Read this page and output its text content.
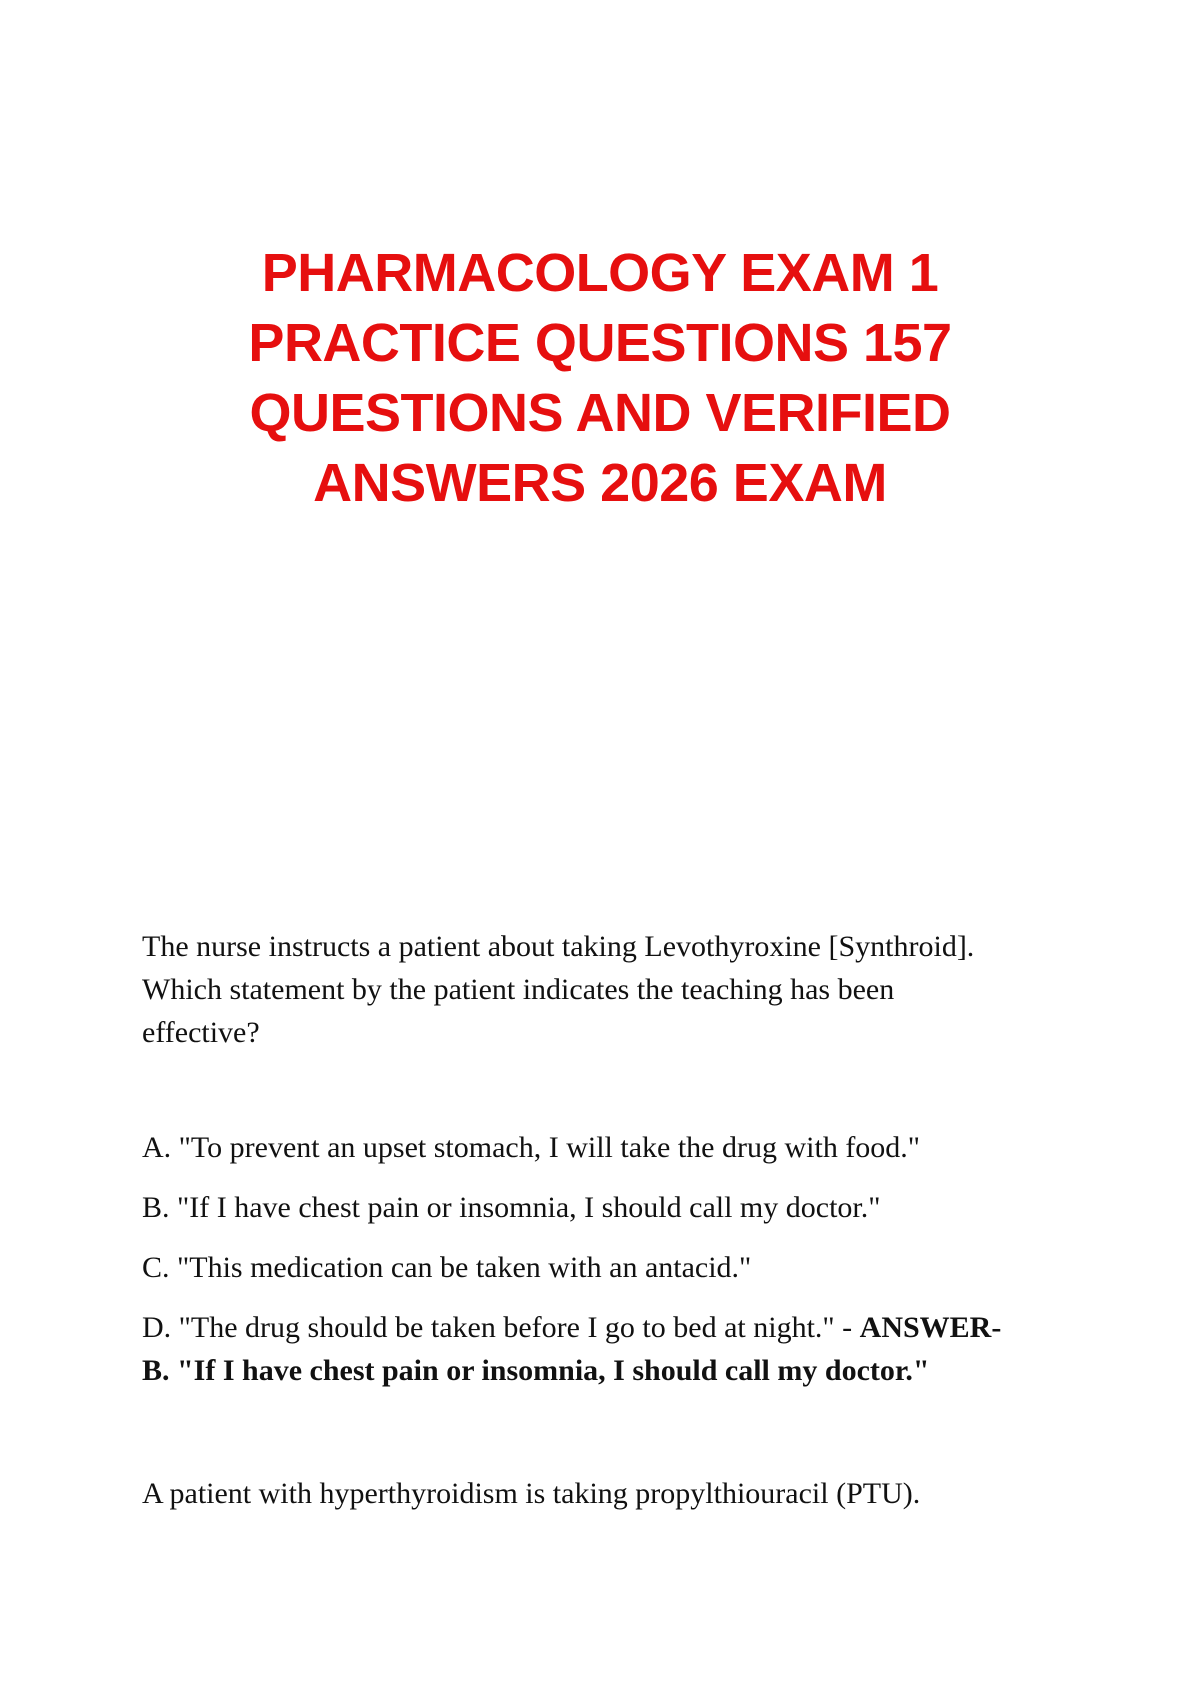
PHARMACOLOGY EXAM 1
PRACTICE QUESTIONS 157
QUESTIONS AND VERIFIED
ANSWERS 2026 EXAM
The nurse instructs a patient about taking Levothyroxine [Synthroid].
Which statement by the patient indicates the teaching has been
effective?
A. "To prevent an upset stomach, I will take the drug with food."
B. "If I have chest pain or insomnia, I should call my doctor."
C. "This medication can be taken with an antacid."
D. "The drug should be taken before I go to bed at night." - ANSWER-
B. "If I have chest pain or insomnia, I should call my doctor."
A patient with hyperthyroidism is taking propylthiouracil (PTU).
